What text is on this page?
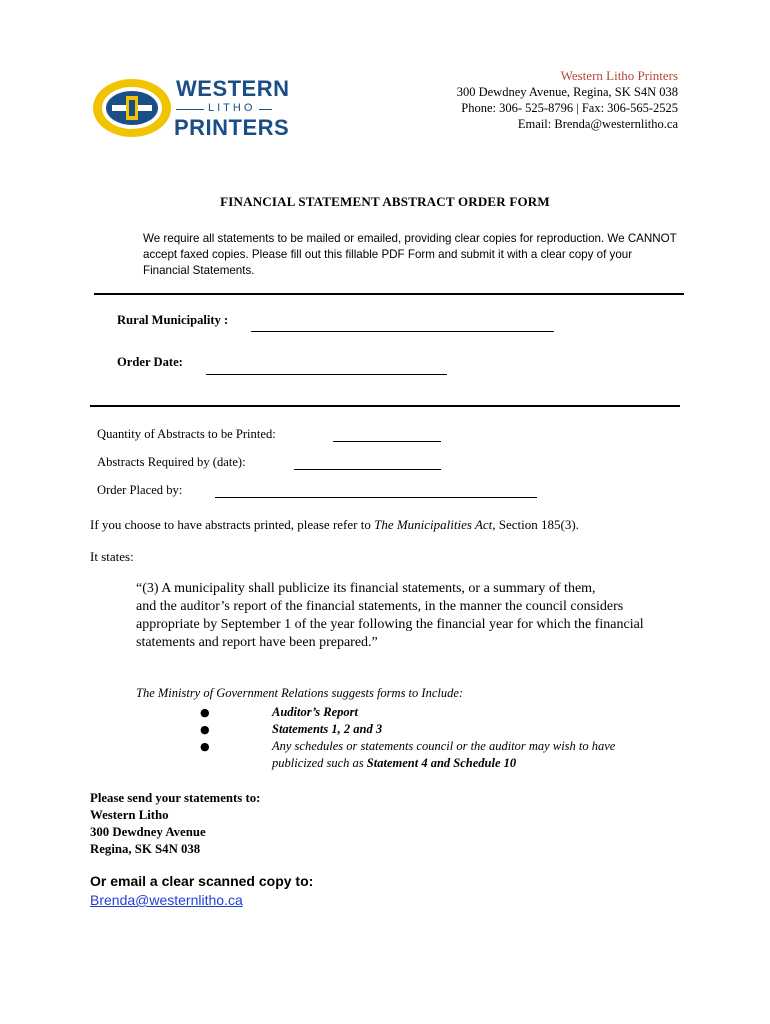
WESTERN
LITHO
PRINTERS
Western Litho Printers
300 Dewdney Avenue, Regina, SK S4N 038
Phone: 306- 525-8796 | Fax: 306-565-2525
Email: Brenda@westernlitho.ca
FINANCIAL STATEMENT ABSTRACT ORDER FORM
We require all statements to be mailed or emailed, providing clear copies for reproduction. We CANNOT accept faxed copies. Please fill out this fillable PDF Form and submit it with a clear copy of your Financial Statements.
Rural Municipality :
Order Date:
Quantity of Abstracts to be Printed:
Abstracts Required by (date):
Order Placed by:
If you choose to have abstracts printed, please refer to The Municipalities Act, Section 185(3).
It states:
“(3) A municipality shall publicize its financial statements, or a summary of them,
and the auditor’s report of the financial statements, in the manner the council considers appropriate by September 1 of the year following the financial year for which the financial statements and report have been prepared.”
The Ministry of Government Relations suggests forms to Include:
●	Auditor’s Report
●	Statements 1, 2 and 3
●	Any schedules or statements council or the auditor may wish to have publicized such as Statement 4 and Schedule 10
Please send your statements to:
Western Litho
300 Dewdney Avenue
Regina, SK S4N 038
Or email a clear scanned copy to:
Brenda@westernlitho.ca
